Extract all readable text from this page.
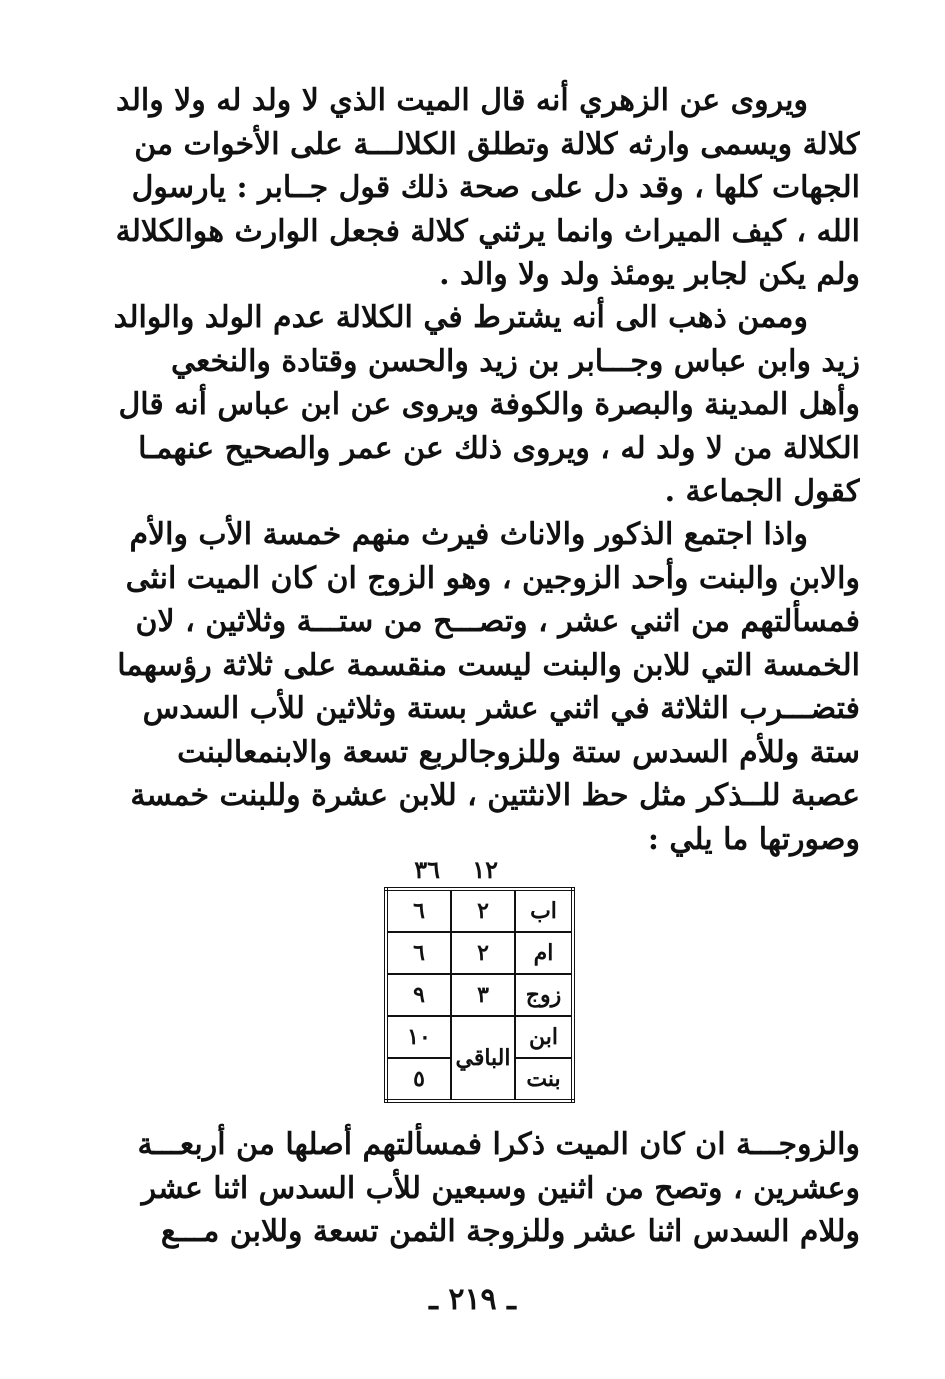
ويروى عن الزهري أنه قال الميت الذي لا ولد له ولا والد
كلالة ويسمى وارثه كلالة وتطلق الكلالـــة على الأخوات من
الجهات كلها ، وقد دل على صحة ذلك قول جــابر : يارسول
الله ، كيف الميراث وانما يرثني كلالة فجعل الوارث هوالكلالة
ولم يكن لجابر يومئذ ولد ولا والد .
وممن ذهب الى أنه يشترط في الكلالة عدم الولد والوالد
زيد وابن عباس وجـــابر بن زيد والحسن وقتادة والنخعي
وأهل المدينة والبصرة والكوفة ويروى عن ابن عباس أنه قال
الكلالة من لا ولد له ، ويروى ذلك عن عمر والصحيح عنهمـا
كقول الجماعة .
واذا اجتمع الذكور والاناث فيرث منهم خمسة الأب والأم
والابن والبنت وأحد الزوجين ، وهو الزوج ان كان الميت انثى
فمسألتهم من اثني عشر ، وتصـــح من ستـــة وثلاثين ، لان
الخمسة التي للابن والبنت ليست منقسمة على ثلاثة رؤسهما
فتضـــرب الثلاثة في اثني عشر بستة وثلاثين للأب السدس
ستة وللأم السدس ستة وللزوجالربع تسعة والابنمعالبنت
عصبة للــذكر مثل حظ الانثتين ، للابن عشرة وللبنت خمسة
وصورتها ما يلي :
١٢
٣٦
اب	٢	٦
ام	٢	٦
زوج	٣	٩
ابن	الباقي	١٠
بنت		٥
والزوجـــة ان كان الميت ذكرا فمسألتهم أصلها من أربعـــة
وعشرين ، وتصح من اثنين وسبعين للأب السدس اثنا عشر
وللام السدس اثنا عشر وللزوجة الثمن تسعة وللابن مـــع
ـ ٢١٩ ـ
